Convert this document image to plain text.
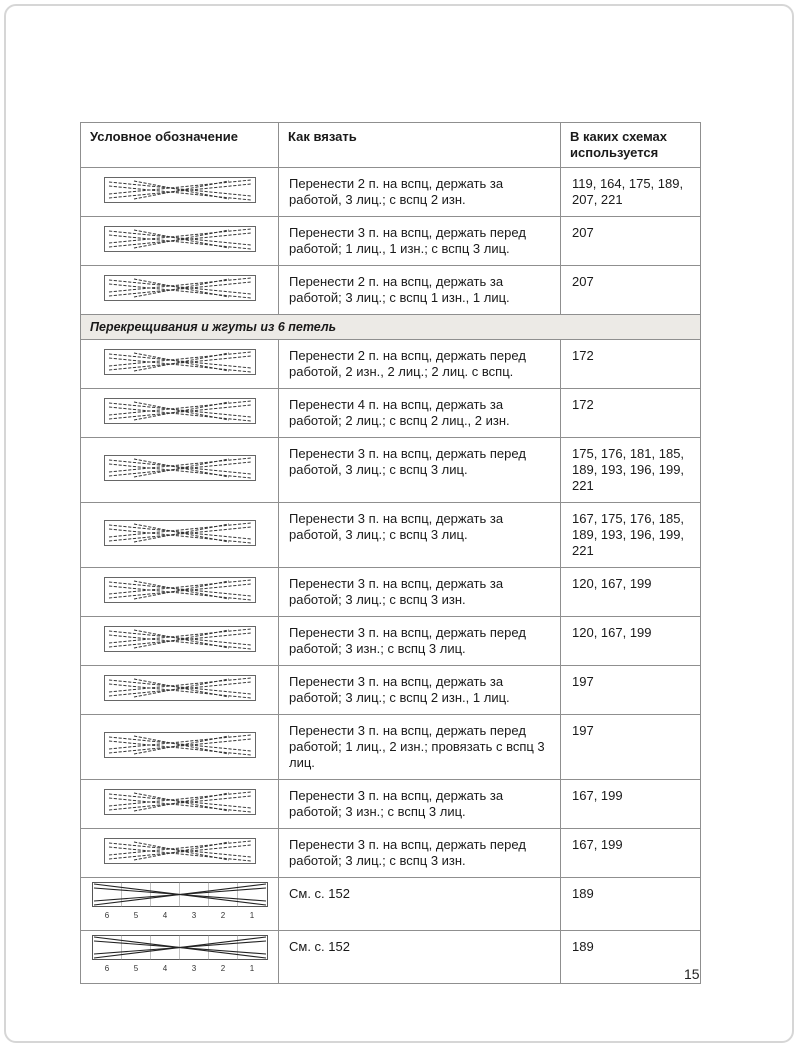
Условное обозначение	Как вязать	В каких схемах используется
	Перенести 2 п. на вспц, держать за работой, 3 лиц.; с вспц 2 изн.	119, 164, 175, 189, 207, 221
	Перенести 3 п. на вспц, держать перед работой; 1 лиц., 1 изн.; с вспц 3 лиц.	207
	Перенести 2 п. на вспц, держать за работой; 3 лиц.; с вспц 1 изн., 1 лиц.	207
Перекрещивания и жгуты из 6 петель		
	Перенести 2 п. на вспц, держать перед работой, 2 изн., 2 лиц.; 2 лиц. с вспц.	172
	Перенести 4 п. на вспц, держать за работой; 2 лиц.; с вспц 2 лиц., 2 изн.	172
	Перенести 3 п. на вспц, держать перед работой, 3 лиц.; с вспц 3 лиц.	175, 176, 181, 185, 189, 193, 196, 199, 221
	Перенести 3 п. на вспц, держать за работой, 3 лиц.; с вспц 3 лиц.	167, 175, 176, 185, 189, 193, 196, 199, 221
	Перенести 3 п. на вспц, держать за работой; 3 лиц.; с вспц 3 изн.	120, 167, 199
	Перенести 3 п. на вспц, держать перед работой; 3 изн.; с вспц 3 лиц.	120, 167, 199
	Перенести 3 п. на вспц, держать за работой; 3 лиц.; с вспц 2 изн., 1 лиц.	197
	Перенести 3 п. на вспц, держать перед работой; 1 лиц., 2 изн.; провязать с вспц 3 лиц.	197
	Перенести 3 п. на вспц, держать за работой; 3 изн.; с вспц 3 лиц.	167, 199
	Перенести 3 п. на вспц, держать перед работой; 3 лиц.; с вспц 3 изн.	167, 199

6	5	4	3	2	1
	См. с. 152	189

6	5	4	3	2	1
	См. с. 152	189
15
